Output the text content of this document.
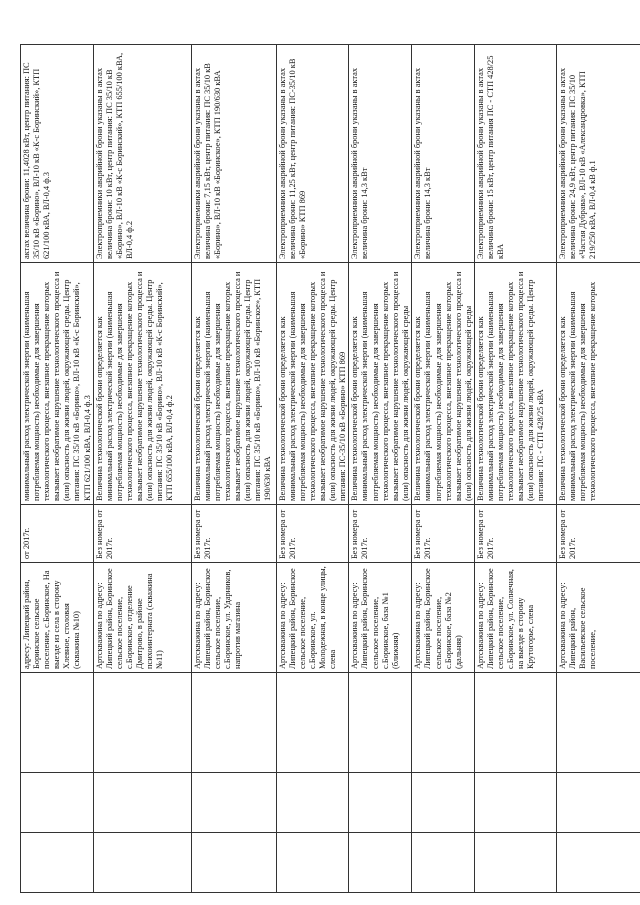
			адресу: Липецкий район, Боринское сельское поселение, с.Боринское, На выезде из села в сторону Хлевное, столовая (скважина №10)	от 2017г.	минимальный расход электрической энергии (наименьшая потребляемая мощность) необходимые для завершения технологического процесса, внезапное прекращение которых вызывает необратимое нарушение технологического процесса и (или) опасность для жизни людей, окружающей среды. Центр питания: ПС 35/10 кВ «Борино», ВЛ-10 кВ «К-с Боринский», КТП 621/100 кВА, ВЛ-0,4 ф.3	актах величина брони: 11,4028 кВт, центр питания: ПС 35/10 кВ «Борино», ВЛ-10 кВ «К-с Боринский», КТП 621/100 кВА, ВЛ-0,4 ф.3
			Артскважина по адресу: Липецкий район, Боринское сельское поселение, с.Боринское, отделение Дмитрово, в районе психоинтерната (скважина №11)	Без номера от 2017г.	Величина технологической брони определяется как минимальный расход электрической энергии (наименьшая потребляемая мощность) необходимые для завершения технологического процесса, внезапное прекращение которых вызывает необратимое нарушение технологического процесса и (или) опасность для жизни людей, окружающей среды. Центр питания: ПС 35/10 кВ «Борино», ВЛ-10 кВ «К-с Боринский», КТП 655/100 кВА, ВЛ-0,4 ф.2	Электроприемники аварийной брони указаны в актах величина брони: 10 кВт, центр питания: ПС 35/10 кВ «Борино», ВЛ-10 кВ «К-с Боринский», КТП 655/100 кВА, ВЛ-0,4 ф.2
			Артскважина по адресу: Липецкий район, Боринское сельское поселение, с.Боринское, ул. Ударников, напротив магазина	Без номера от 2017г.	Величина технологической брони определяется как минимальный расход электрической энергии (наименьшая потребляемая мощность) необходимые для завершения технологического процесса, внезапное прекращение которых вызывает необратимое нарушение технологического процесса и (или) опасность для жизни людей, окружающей среды. Центр питания: ПС 35/10 кВ «Борино», ВЛ-10 кВ «Боринское», КТП 190/630 кВА	Электроприемники аварийной брони указаны в актах величина брони: 7,15 кВт, центр питания: ПС 35/10 кВ «Борино», ВЛ-10 кВ «Боринское», КТП 190/630 кВА
			Артскважина по адресу: Липецкий район, Боринское сельское поселение, с.Боринское, ул. Молодежная, в конце улицы, слева	Без номера от 2017г.	Величина технологической брони определяется как минимальный расход электрической энергии (наименьшая потребляемая мощность) необходимые для завершения технологического процесса, внезапное прекращение которых вызывает необратимое нарушение технологического процесса и (или) опасность для жизни людей, окружающей среды. Центр питания: ПС-35/10 кВ «Борино» КТП 869	Электроприемники аварийной брони указаны в актах величина брони: 11,25 кВт, центр питания: ПС-35/10 кВ «Борино» КТП 869
			Артскважина по адресу: Липецкий район, Боринское сельское поселение, с.Боринское, база №1 (ближняя)	Без номера от 2017г.	Величина технологической брони определяется как минимальный расход электрической энергии (наименьшая потребляемая мощность) необходимые для завершения технологического процесса, внезапное прекращение которых вызывает необратимое нарушение технологического процесса и (или) опасность для жизни людей, окружающей среды	Электроприемники аварийной брони указаны в актах величина брони: 14,3 кВт
			Артскважина по адресу: Липецкий район, Боринское сельское поселение, с.Боринское, база №2 (дальняя)	Без номера от 2017г.	Величина технологической брони определяется как минимальный расход электрической энергии (наименьшая потребляемая мощность) необходимые для завершения технологического процесса, внезапное прекращение которых вызывает необратимое нарушение технологического процесса и (или) опасность для жизни людей, окружающей среды	Электроприемники аварийной брони указаны в актах величина брони: 14,3 кВт
			Артскважина по адресу: Липецкий район, Боринское сельское поселение, с.Боринское, ул. Солнечная, на выезде в сторону Крутогорье, слева	Без номера от 2017г.	Величина технологической брони определяется как минимальный расход электрической энергии (наименьшая потребляемая мощность) необходимые для завершения технологического процесса, внезапное прекращение которых вызывает необратимое нарушение технологического процесса и (или) опасность для жизни людей, окружающей среды. Центр питания: ПС - СТП 428/25 кВА	Электроприемники аварийной брони указаны в актах величина брони: 15 кВт, центр питания ПС - СТП 428/25 кВА
			Артскважина по адресу: Липецкий район, Васильевское сельское поселение,	Без номера от 2017г.	Величина технологической брони определяется как минимальный расход электрической энергии (наименьшая потребляемая мощность) необходимые для завершения технологического процесса, внезапное прекращение которых	Электроприемники аварийной брони указаны в актах величина брони: 24,9 кВт, центр питания: ПС 35/10 «Частая Дубрава», ВЛ-10 кВ «Александровка», КТП 219/250 кВА, ВЛ-0,4 кВ ф.1
